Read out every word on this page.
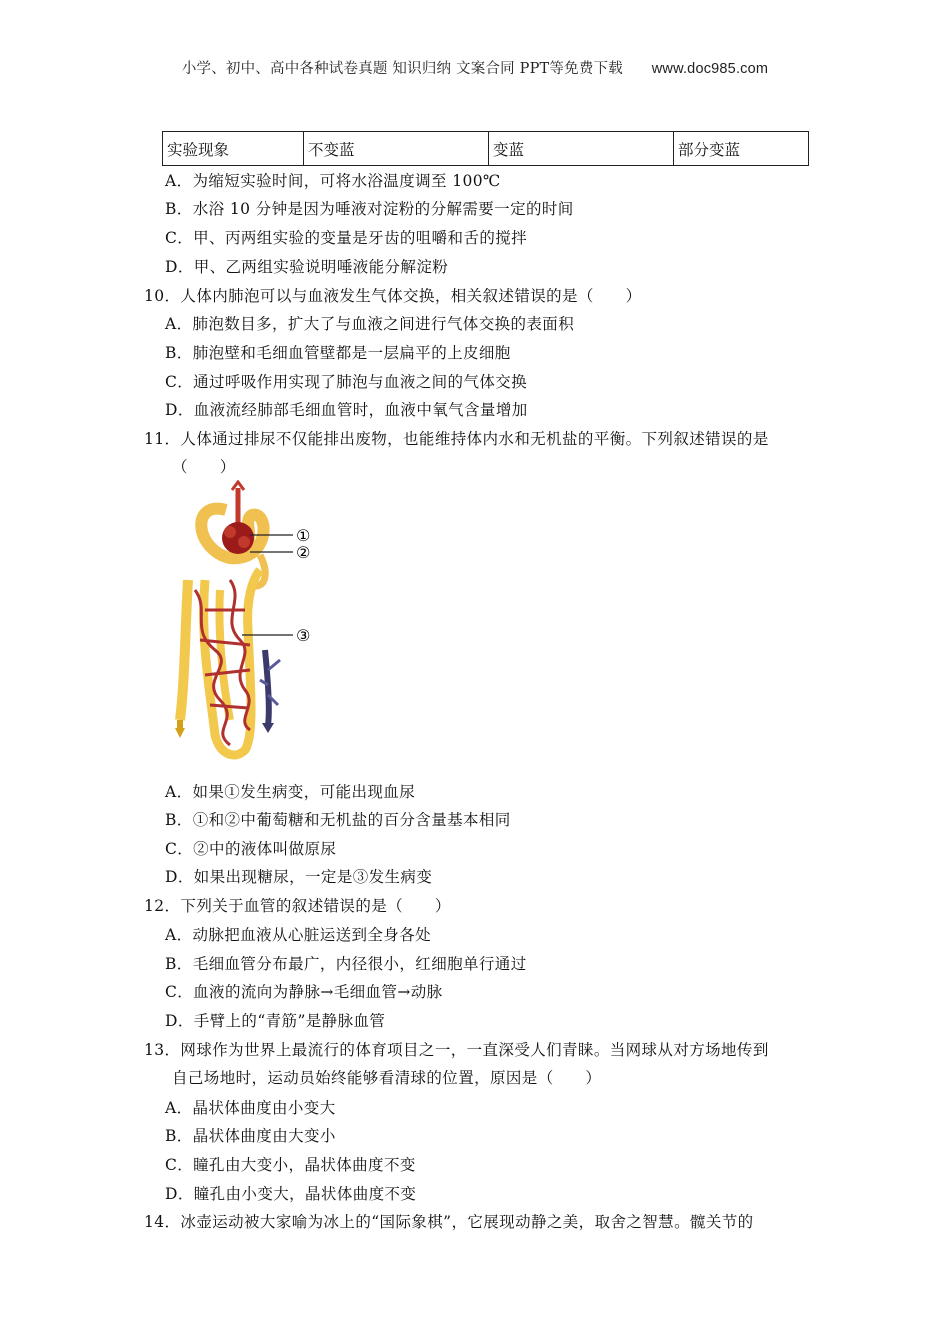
小学、初中、高中各种试卷真题 知识归纳 文案合同 PPT等免费下载 www.doc985.com
实验现象	不变蓝	变蓝	部分变蓝
A．为缩短实验时间，可将水浴温度调至 100℃
B．水浴 10 分钟是因为唾液对淀粉的分解需要一定的时间
C．甲、丙两组实验的变量是牙齿的咀嚼和舌的搅拌
D．甲、乙两组实验说明唾液能分解淀粉
10．人体内肺泡可以与血液发生气体交换，相关叙述错误的是（　　）
A．肺泡数目多，扩大了与血液之间进行气体交换的表面积
B．肺泡壁和毛细血管壁都是一层扁平的上皮细胞
C．通过呼吸作用实现了肺泡与血液之间的气体交换
D．血液流经肺部毛细血管时，血液中氧气含量增加
11．人体通过排尿不仅能排出废物，也能维持体内水和无机盐的平衡。下列叙述错误的是
（　　）
①
②
③
A．如果①发生病变，可能出现血尿
B．①和②中葡萄糖和无机盐的百分含量基本相同
C．②中的液体叫做原尿
D．如果出现糖尿，一定是③发生病变
12．下列关于血管的叙述错误的是（　　）
A．动脉把血液从心脏运送到全身各处
B．毛细血管分布最广，内径很小，红细胞单行通过
C．血液的流向为静脉→毛细血管→动脉
D．手臂上的“青筋”是静脉血管
13．网球作为世界上最流行的体育项目之一，一直深受人们青睐。当网球从对方场地传到
自己场地时，运动员始终能够看清球的位置，原因是（　　）
A．晶状体曲度由小变大
B．晶状体曲度由大变小
C．瞳孔由大变小，晶状体曲度不变
D．瞳孔由小变大，晶状体曲度不变
14．冰壶运动被大家喻为冰上的“国际象棋”，它展现动静之美，取舍之智慧。髋关节的
